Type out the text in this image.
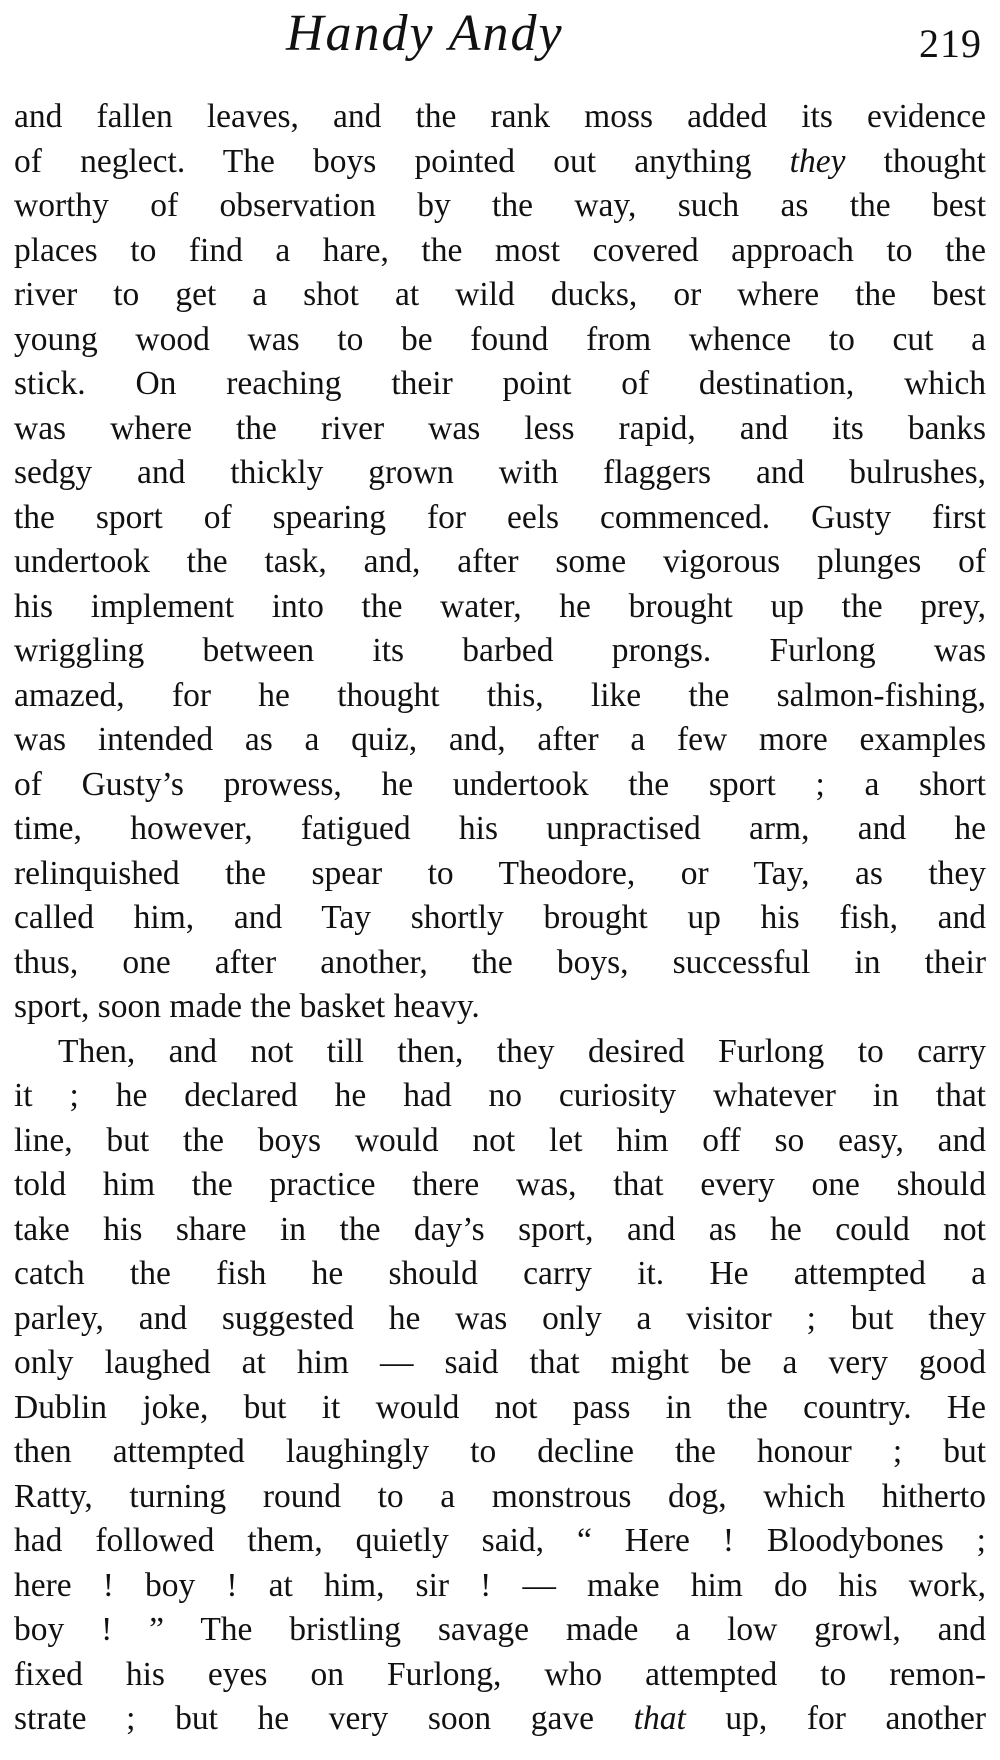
Handy Andy	219
and fallen leaves, and the rank moss added its evidence
of neglect. The boys pointed out anything they thought
worthy of observation by the way, such as the best
places to find a hare, the most covered approach to the
river to get a shot at wild ducks, or where the best
young wood was to be found from whence to cut a
stick. On reaching their point of destination, which
was where the river was less rapid, and its banks
sedgy and thickly grown with flaggers and bulrushes,
the sport of spearing for eels commenced. Gusty first
undertook the task, and, after some vigorous plunges of
his implement into the water, he brought up the prey,
wriggling between its barbed prongs. Furlong was
amazed, for he thought this, like the salmon-fishing,
was intended as a quiz, and, after a few more examples
of Gusty’s prowess, he undertook the sport ; a short
time, however, fatigued his unpractised arm, and he
relinquished the spear to Theodore, or Tay, as they
called him, and Tay shortly brought up his fish, and
thus, one after another, the boys, successful in their
sport, soon made the basket heavy.
Then, and not till then, they desired Furlong to carry
it ; he declared he had no curiosity whatever in that
line, but the boys would not let him off so easy, and
told him the practice there was, that every one should
take his share in the day’s sport, and as he could not
catch the fish he should carry it. He attempted a
parley, and suggested he was only a visitor ; but they
only laughed at him — said that might be a very good
Dublin joke, but it would not pass in the country. He
then attempted laughingly to decline the honour ; but
Ratty, turning round to a monstrous dog, which hitherto
had followed them, quietly said, “ Here ! Bloodybones ;
here ! boy ! at him, sir ! — make him do his work,
boy ! ” The bristling savage made a low growl, and
fixed his eyes on Furlong, who attempted to remon-
strate ; but he very soon gave that up, for another
